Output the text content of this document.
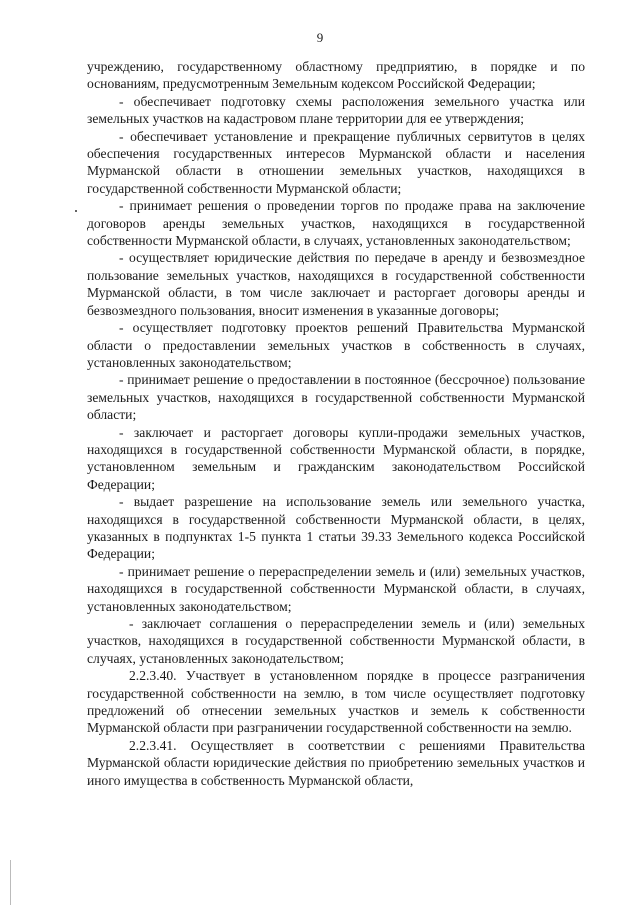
9

учреждению, государственному областному предприятию, в порядке и по основаниям, предусмотренным Земельным кодексом Российской Федерации;

- обеспечивает подготовку схемы расположения земельного участка или земельных участков на кадастровом плане территории для ее утверждения;

- обеспечивает установление и прекращение публичных сервитутов в целях обеспечения государственных интересов Мурманской области и населения Мурманской области в отношении земельных участков, находящихся в государственной собственности Мурманской области;

- принимает решения о проведении торгов по продаже права на заключение договоров аренды земельных участков, находящихся в государственной собственности Мурманской области, в случаях, установленных законодательством;

- осуществляет юридические действия по передаче в аренду и безвозмездное пользование земельных участков, находящихся в государственной собственности Мурманской области, в том числе заключает и расторгает договоры аренды и безвозмездного пользования, вносит изменения в указанные договоры;

- осуществляет подготовку проектов решений Правительства Мурманской области о предоставлении земельных участков в собственность в случаях, установленных законодательством;

- принимает решение о предоставлении в постоянное (бессрочное) пользование земельных участков, находящихся в государственной собственности Мурманской области;

- заключает и расторгает договоры купли-продажи земельных участков, находящихся в государственной собственности Мурманской области, в порядке, установленном земельным и гражданским законодательством Российской Федерации;

- выдает разрешение на использование земель или земельного участка, находящихся в государственной собственности Мурманской области, в целях, указанных в подпунктах 1-5 пункта 1 статьи 39.33 Земельного кодекса Российской Федерации;

- принимает решение о перераспределении земель и (или) земельных участков, находящихся в государственной собственности Мурманской области, в случаях, установленных законодательством;

- заключает соглашения о перераспределении земель и (или) земельных участков, находящихся в государственной собственности Мурманской области, в случаях, установленных законодательством;

2.2.3.40. Участвует в установленном порядке в процессе разграничения государственной собственности на землю, в том числе осуществляет подготовку предложений об отнесении земельных участков и земель к собственности Мурманской области при разграничении государственной собственности на землю.

2.2.3.41. Осуществляет в соответствии с решениями Правительства Мурманской области юридические действия по приобретению земельных участков и иного имущества в собственность Мурманской области,
